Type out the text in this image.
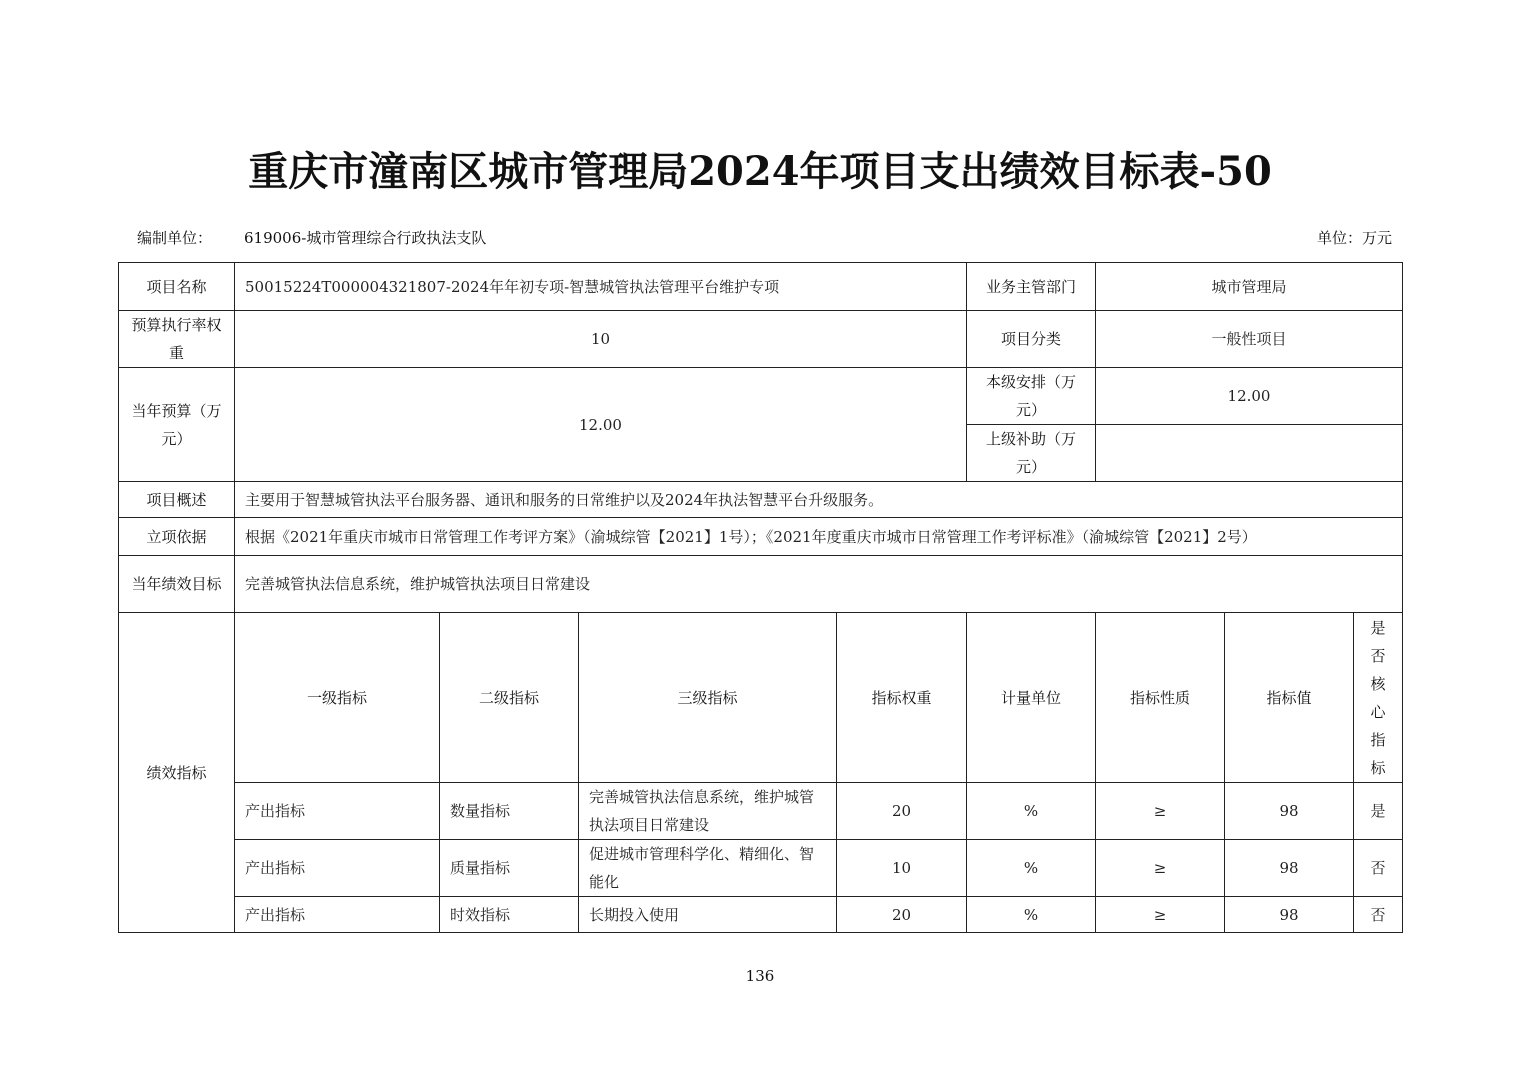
重庆市潼南区城市管理局2024年项目支出绩效目标表-50
编制单位： 619006-城市管理综合行政执法支队	单位：万元
项目名称	50015224T000004321807-2024年年初专项-智慧城管执法管理平台维护专项				业务主管部门	城市管理局		
预算执行率权重	10				项目分类	一般性项目		
当年预算（万元）	12.00				本级安排（万元）	12.00		
					上级补助（万元）			
项目概述	主要用于智慧城管执法平台服务器、通讯和服务的日常维护以及2024年执法智慧平台升级服务。							
立项依据	根据《2021年重庆市城市日常管理工作考评方案》（渝城综管【2021】1号）；《2021年度重庆市城市日常管理工作考评标准》（渝城综管【2021】2号）							
当年绩效目标	完善城管执法信息系统，维护城管执法项目日常建设							
绩效指标	一级指标	二级指标	三级指标	指标权重	计量单位	指标性质	指标值	是否核心指标
	产出指标	数量指标	完善城管执法信息系统，维护城管执法项目日常建设	20	%	≥	98	是
	产出指标	质量指标	促进城市管理科学化、精细化、智能化	10	%	≥	98	否
	产出指标	时效指标	长期投入使用	20	%	≥	98	否
136
